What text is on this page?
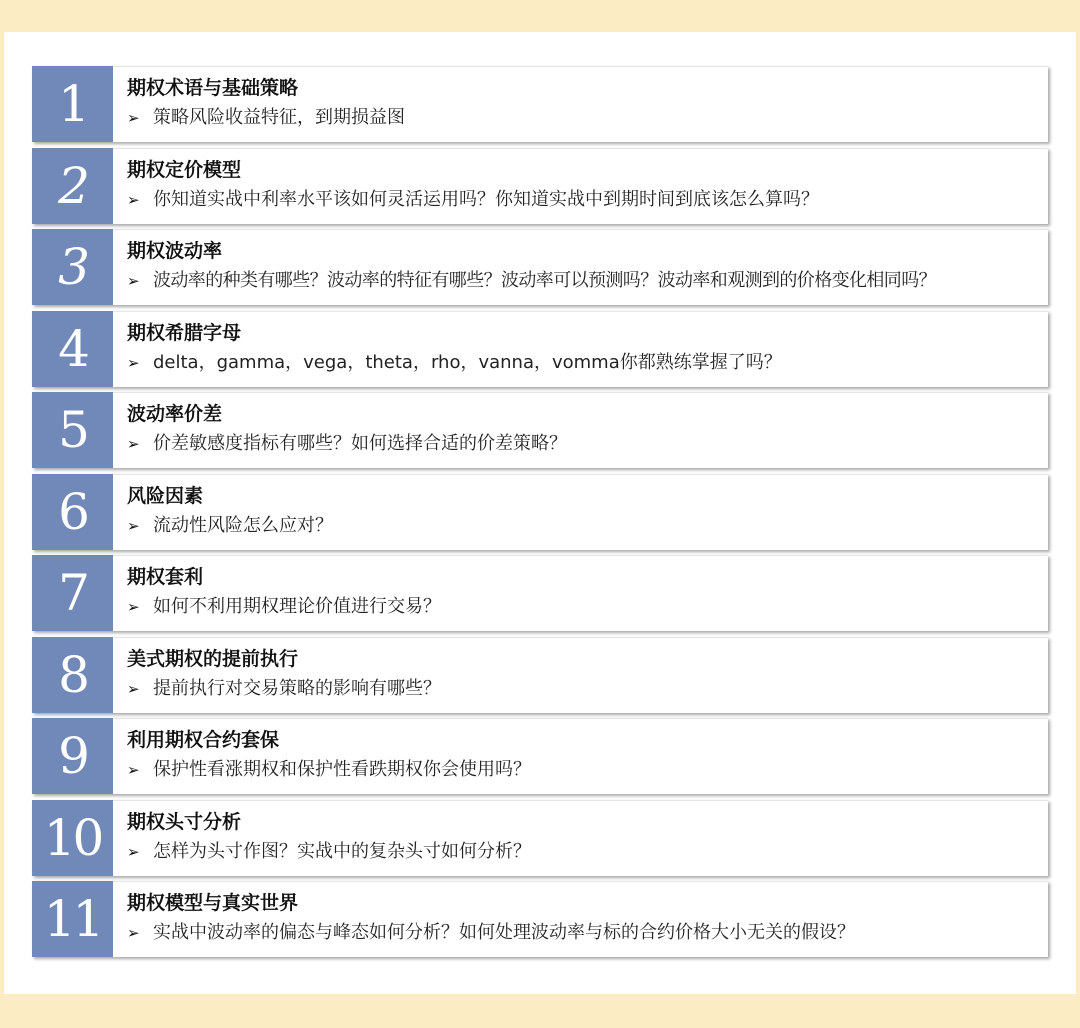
1	期权术语与基础策略
➢ 策略风险收益特征，到期损益图
2	期权定价模型
➢ 你知道实战中利率水平该如何灵活运用吗？你知道实战中到期时间到底该怎么算吗？
3	期权波动率
➢ 波动率的种类有哪些？波动率的特征有哪些？波动率可以预测吗？波动率和观测到的价格变化相同吗？
4	期权希腊字母
➢ delta，gamma，vega，theta，rho，vanna，vomma你都熟练掌握了吗？
5	波动率价差
➢ 价差敏感度指标有哪些？如何选择合适的价差策略？
6	风险因素
➢ 流动性风险怎么应对？
7	期权套利
➢ 如何不利用期权理论价值进行交易？
8	美式期权的提前执行
➢ 提前执行对交易策略的影响有哪些？
9	利用期权合约套保
➢ 保护性看涨期权和保护性看跌期权你会使用吗？
10	期权头寸分析
➢ 怎样为头寸作图？实战中的复杂头寸如何分析？
11	期权模型与真实世界
➢ 实战中波动率的偏态与峰态如何分析？如何处理波动率与标的合约价格大小无关的假设？
